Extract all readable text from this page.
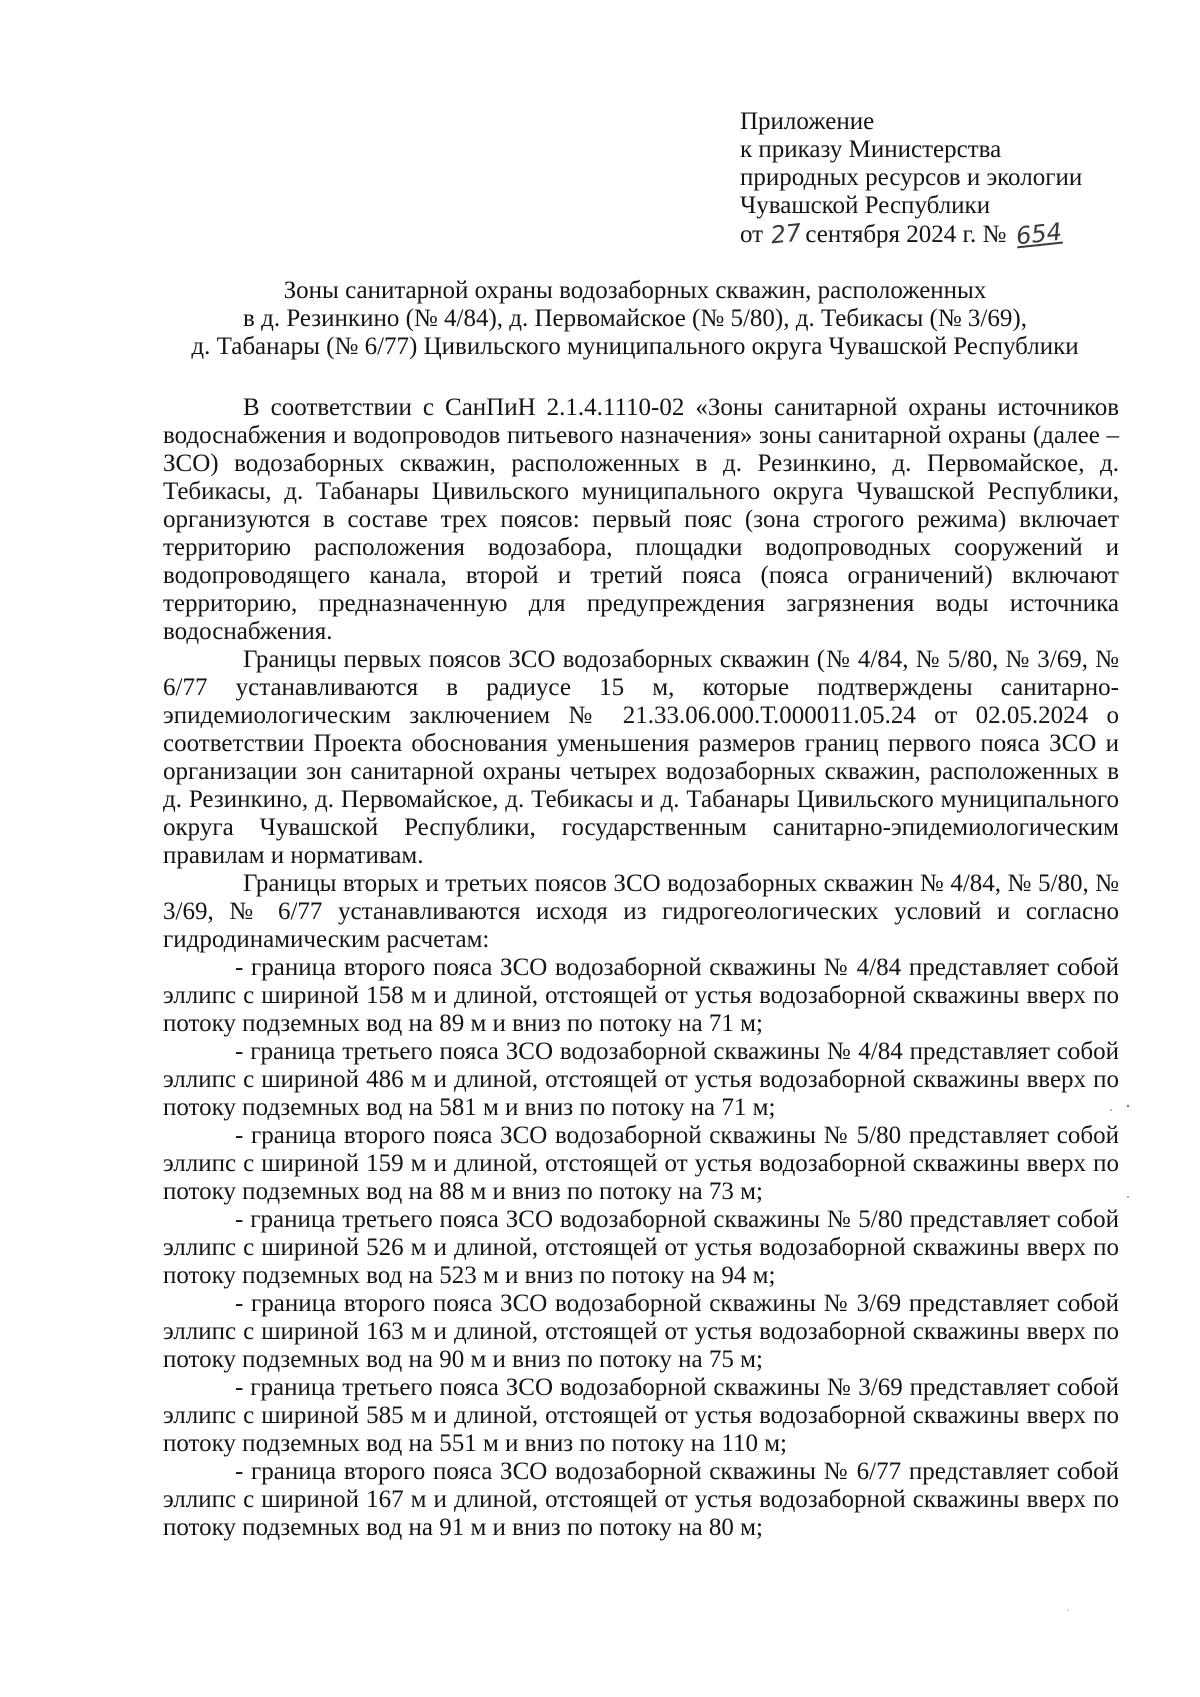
Приложение
к приказу Министерства
природных ресурсов и экологии
Чувашской Республики
от 27сентября 2024 г. № 654
Зоны санитарной охраны водозаборных скважин, расположенных
в д. Резинкино (№ 4/84), д. Первомайское (№ 5/80), д. Тебикасы (№ 3/69),
д. Табанары (№ 6/77) Цивильского муниципального округа Чувашской Республики

В соответствии с СанПиН 2.1.4.1110-02 «Зоны санитарной охраны источников водоснабжения и водопроводов питьевого назначения» зоны санитарной охраны (далее – ЗСО) водозаборных скважин, расположенных в д. Резинкино, д. Первомайское, д. Тебикасы, д. Табанары Цивильского муниципального округа Чувашской Республики, организуются в составе трех поясов: первый пояс (зона строгого режима) включает территорию расположения водозабора, площадки водопроводных сооружений и водопроводящего канала, второй и третий пояса (пояса ограничений) включают территорию, предназначенную для предупреждения загрязнения воды источника водоснабжения.

Границы первых поясов ЗСО водозаборных скважин (№ 4/84, № 5/80, № 3/69, № 6/77 устанавливаются в радиусе 15 м, которые подтверждены санитарно-эпидемиологическим заключением № 21.33.06.000.Т.000011.05.24 от 02.05.2024 о соответствии Проекта обоснования уменьшения размеров границ первого пояса ЗСО и организации зон санитарной охраны четырех водозаборных скважин, расположенных в д. Резинкино, д. Первомайское, д. Тебикасы и д. Табанары Цивильского муниципального округа Чувашской Республики, государственным санитарно-эпидемиологическим правилам и нормативам.

Границы вторых и третьих поясов ЗСО водозаборных скважин № 4/84, № 5/80, № 3/69, № 6/77 устанавливаются исходя из гидрогеологических условий и согласно гидродинамическим расчетам:

- граница второго пояса ЗСО водозаборной скважины № 4/84 представляет собой эллипс с шириной 158 м и длиной, отстоящей от устья водозаборной скважины вверх по потоку подземных вод на 89 м и вниз по потоку на 71 м;

- граница третьего пояса ЗСО водозаборной скважины № 4/84 представляет собой эллипс с шириной 486 м и длиной, отстоящей от устья водозаборной скважины вверх по потоку подземных вод на 581 м и вниз по потоку на 71 м;

- граница второго пояса ЗСО водозаборной скважины № 5/80 представляет собой эллипс с шириной 159 м и длиной, отстоящей от устья водозаборной скважины вверх по потоку подземных вод на 88 м и вниз по потоку на 73 м;

- граница третьего пояса ЗСО водозаборной скважины № 5/80 представляет собой эллипс с шириной 526 м и длиной, отстоящей от устья водозаборной скважины вверх по потоку подземных вод на 523 м и вниз по потоку на 94 м;

- граница второго пояса ЗСО водозаборной скважины № 3/69 представляет собой эллипс с шириной 163 м и длиной, отстоящей от устья водозаборной скважины вверх по потоку подземных вод на 90 м и вниз по потоку на 75 м;

- граница третьего пояса ЗСО водозаборной скважины № 3/69 представляет собой эллипс с шириной 585 м и длиной, отстоящей от устья водозаборной скважины вверх по потоку подземных вод на 551 м и вниз по потоку на 110 м;

- граница второго пояса ЗСО водозаборной скважины № 6/77 представляет собой эллипс с шириной 167 м и длиной, отстоящей от устья водозаборной скважины вверх по потоку подземных вод на 91 м и вниз по потоку на 80 м;
